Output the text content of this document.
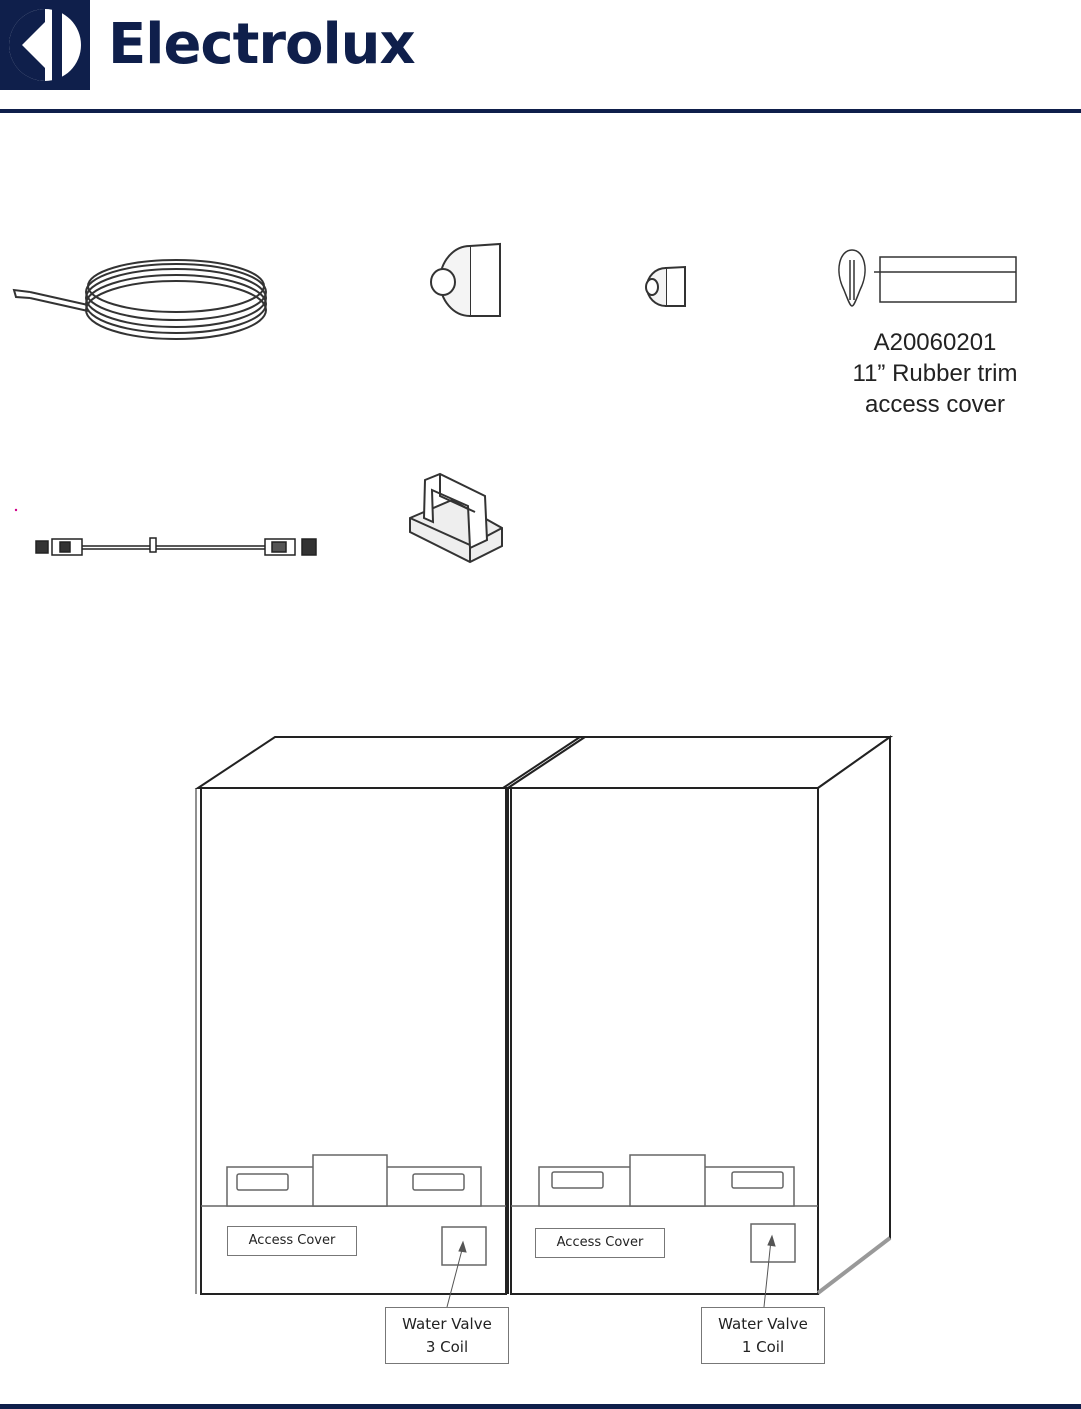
Electrolux
A20060201
11” Rubber trim
access cover
Access Cover	Access Cover
Water Valve
3 Coil
Water Valve
1 Coil
